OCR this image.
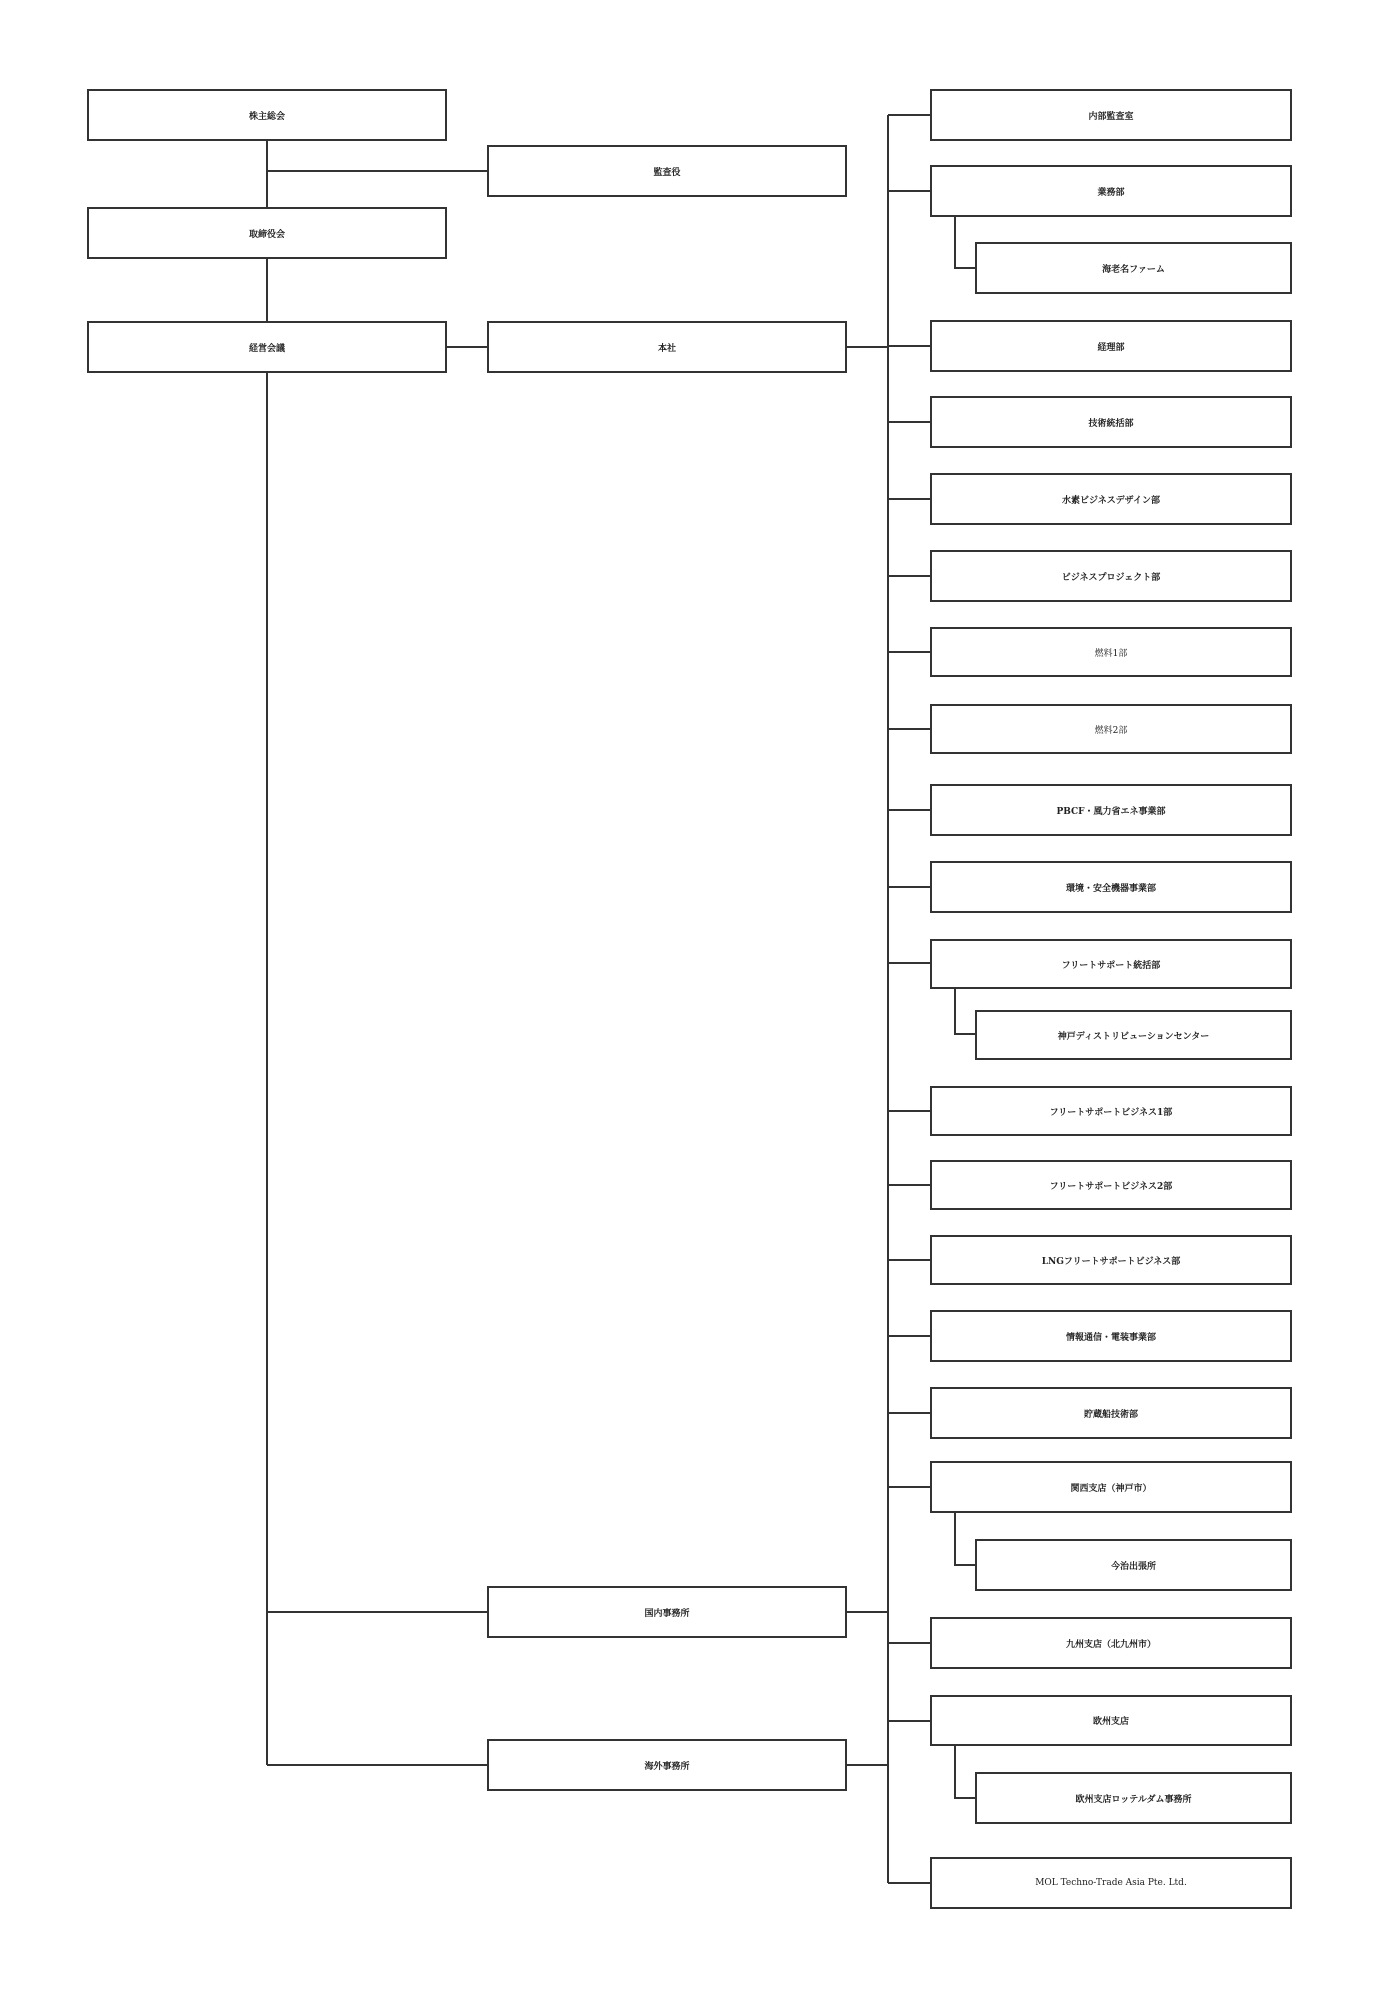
株主総会
取締役会
経営会議
監査役
本社
国内事務所
海外事務所
内部監査室
業務部
海老名ファーム
経理部
技術統括部
水素ビジネスデザイン部
ビジネスプロジェクト部
燃料1部
燃料2部
PBCF・風力省エネ事業部
環境・安全機器事業部
フリートサポート統括部
神戸ディストリビューションセンター
フリートサポートビジネス1部
フリートサポートビジネス2部
LNGフリートサポートビジネス部
情報通信・電装事業部
貯蔵船技術部
関西支店（神戸市）
今治出張所
九州支店（北九州市）
欧州支店
欧州支店ロッテルダム事務所
MOL Techno-Trade Asia Pte. Ltd.
